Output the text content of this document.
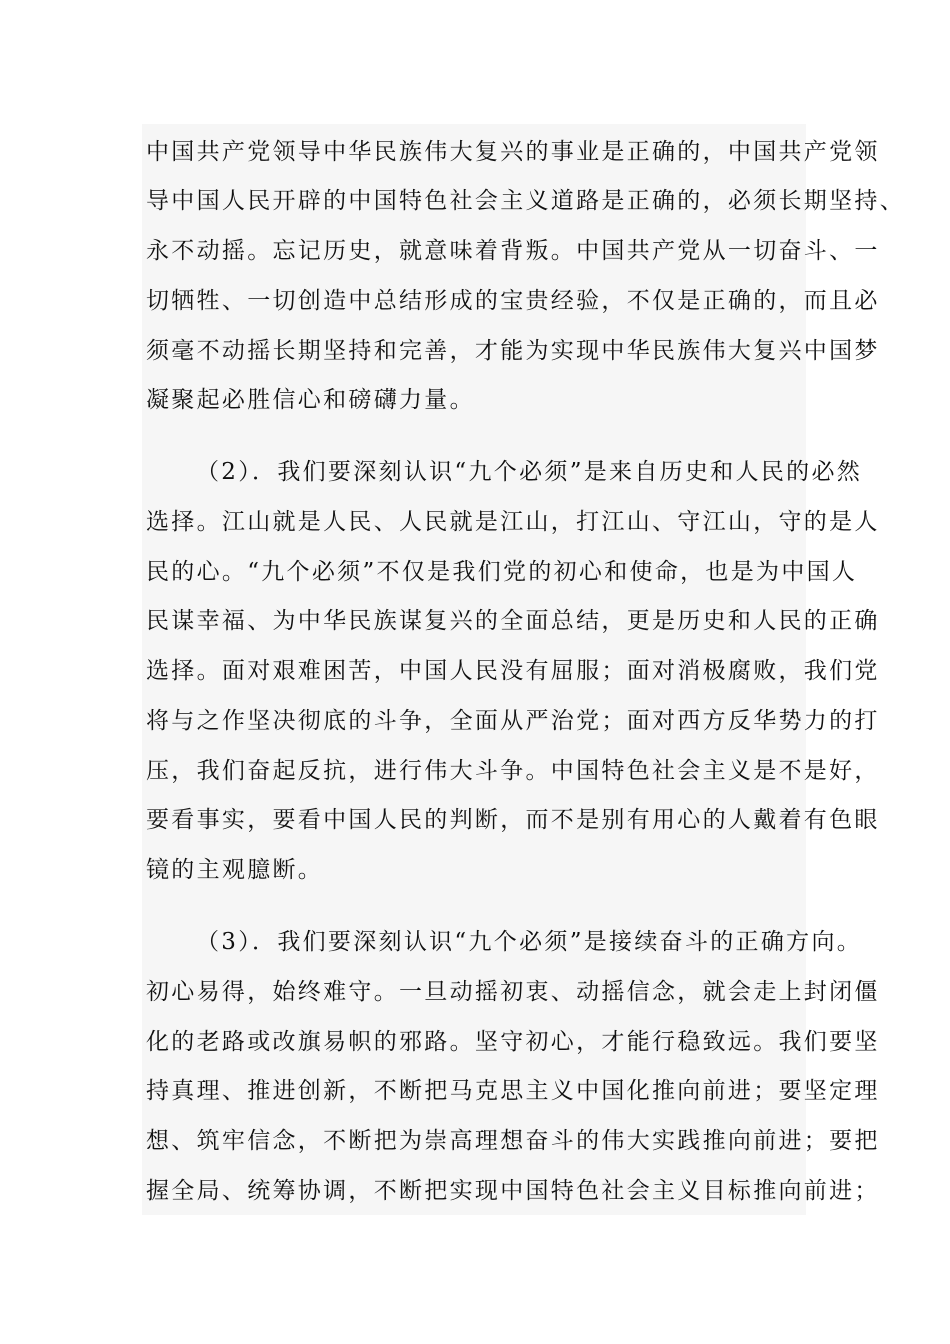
中国共产党领导中华民族伟大复兴的事业是正确的，中国共产党领
导中国人民开辟的中国特色社会主义道路是正确的，必须长期坚持、
永不动摇。忘记历史，就意味着背叛。中国共产党从一切奋斗、一
切牺牲、一切创造中总结形成的宝贵经验，不仅是正确的，而且必
须毫不动摇长期坚持和完善，才能为实现中华民族伟大复兴中国梦
凝聚起必胜信心和磅礴力量。
（2）．我们要深刻认识“九个必须”是来自历史和人民的必然
选择。江山就是人民、人民就是江山，打江山、守江山，守的是人
民的心。“九个必须”不仅是我们党的初心和使命，也是为中国人
民谋幸福、为中华民族谋复兴的全面总结，更是历史和人民的正确
选择。面对艰难困苦，中国人民没有屈服；面对消极腐败，我们党
将与之作坚决彻底的斗争，全面从严治党；面对西方反华势力的打
压，我们奋起反抗，进行伟大斗争。中国特色社会主义是不是好，
要看事实，要看中国人民的判断，而不是别有用心的人戴着有色眼
镜的主观臆断。
（3）．我们要深刻认识“九个必须”是接续奋斗的正确方向。
初心易得，始终难守。一旦动摇初衷、动摇信念，就会走上封闭僵
化的老路或改旗易帜的邪路。坚守初心，才能行稳致远。我们要坚
持真理、推进创新，不断把马克思主义中国化推向前进；要坚定理
想、筑牢信念，不断把为崇高理想奋斗的伟大实践推向前进；要把
握全局、统筹协调，不断把实现中国特色社会主义目标推向前进；
